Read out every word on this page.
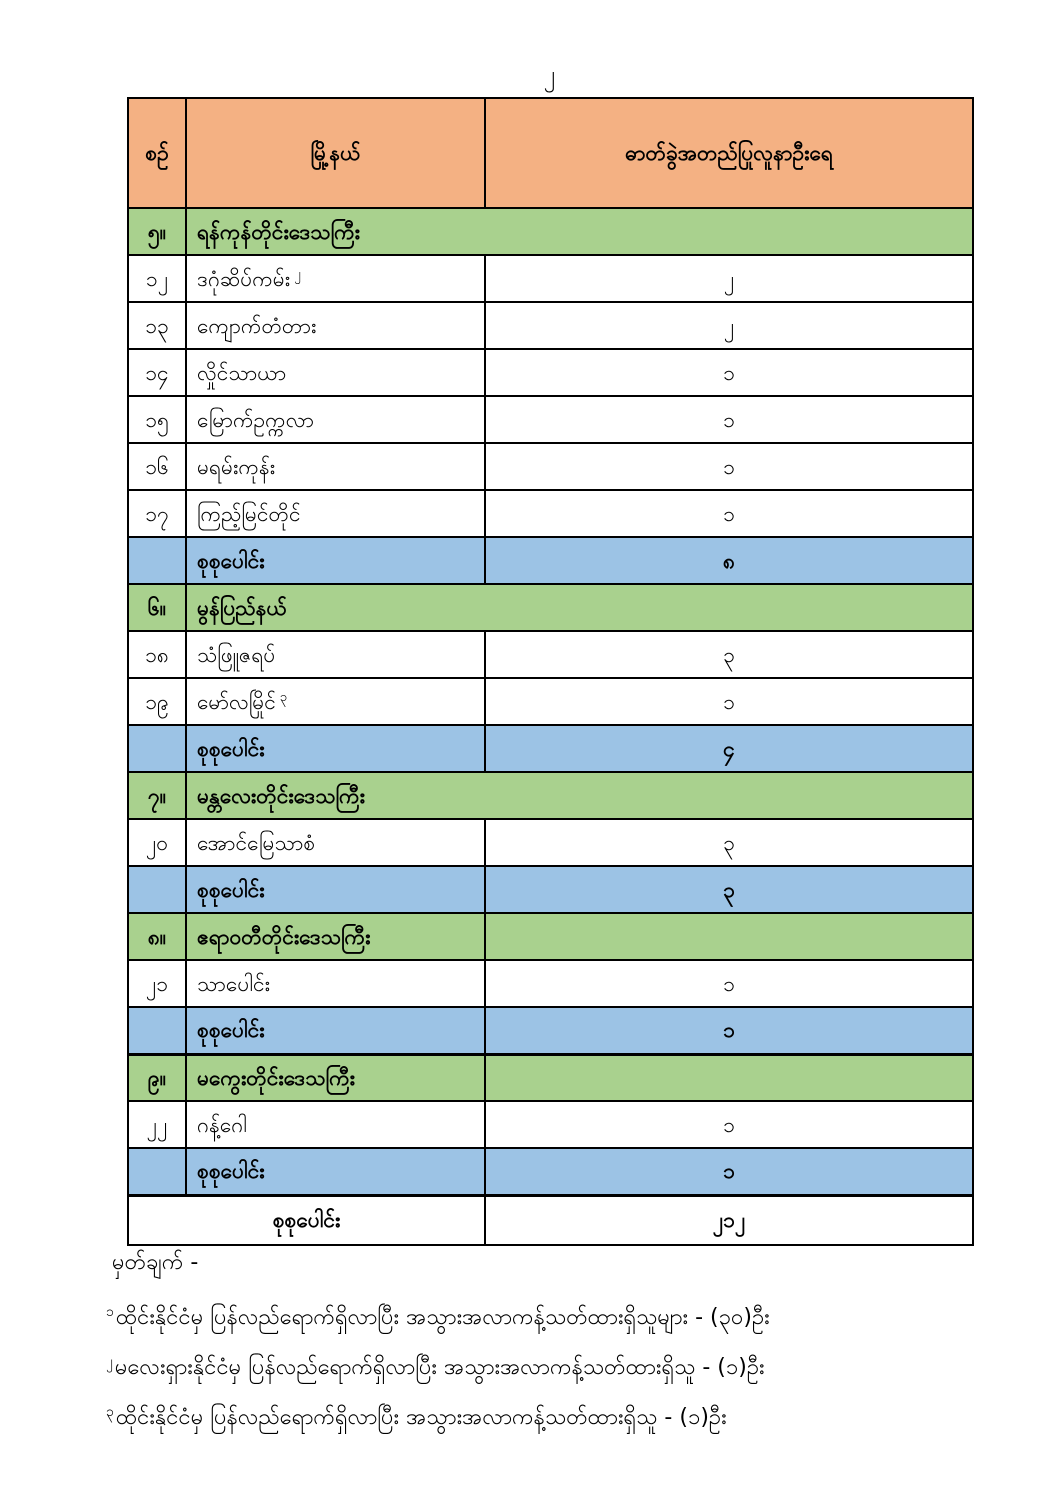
၂
စဉ်	မြို့နယ်	ဓာတ်ခွဲအတည်ပြုလူနာဦးရေ
၅။	ရန်ကုန်တိုင်းဒေသကြီး	
၁၂	ဒဂုံဆိပ်ကမ်း $^၂$	၂
၁၃	ကျောက်တံတား	၂
၁၄	လှိုင်သာယာ	၁
၁၅	မြောက်ဥက္ကလာ	၁
၁၆	မရမ်းကုန်း	၁
၁၇	ကြည့်မြင်တိုင်	၁
	စုစုပေါင်း	၈
၆။	မွန်ပြည်နယ်	
၁၈	သံဖြူဇရပ်	၃
၁၉	မော်လမြိုင် $^၃$	၁
	စုစုပေါင်း	၄
၇။	မန္တလေးတိုင်းဒေသကြီး	
၂၀	အောင်မြေသာစံ	၃
	စုစုပေါင်း	၃
၈။	ဧရာဝတီတိုင်းဒေသကြီး	
၂၁	သာပေါင်း	၁
	စုစုပေါင်း	၁
၉။	မကွေးတိုင်းဒေသကြီး	
၂၂	ဂန့်ဂေါ	၁
	စုစုပေါင်း	၁
စုစုပေါင်း		၂၁၂
မှတ်ချက် -
$^၁$ထိုင်းနိုင်ငံမှ ပြန်လည်ရောက်ရှိလာပြီး အသွားအလာကန့်သတ်ထားရှိသူများ - (၃၀)ဦး
$^၂$မလေးရှားနိုင်ငံမှ ပြန်လည်ရောက်ရှိလာပြီး အသွားအလာကန့်သတ်ထားရှိသူ - (၁)ဦး
$^၃$ထိုင်းနိုင်ငံမှ ပြန်လည်ရောက်ရှိလာပြီး အသွားအလာကန့်သတ်ထားရှိသူ - (၁)ဦး
